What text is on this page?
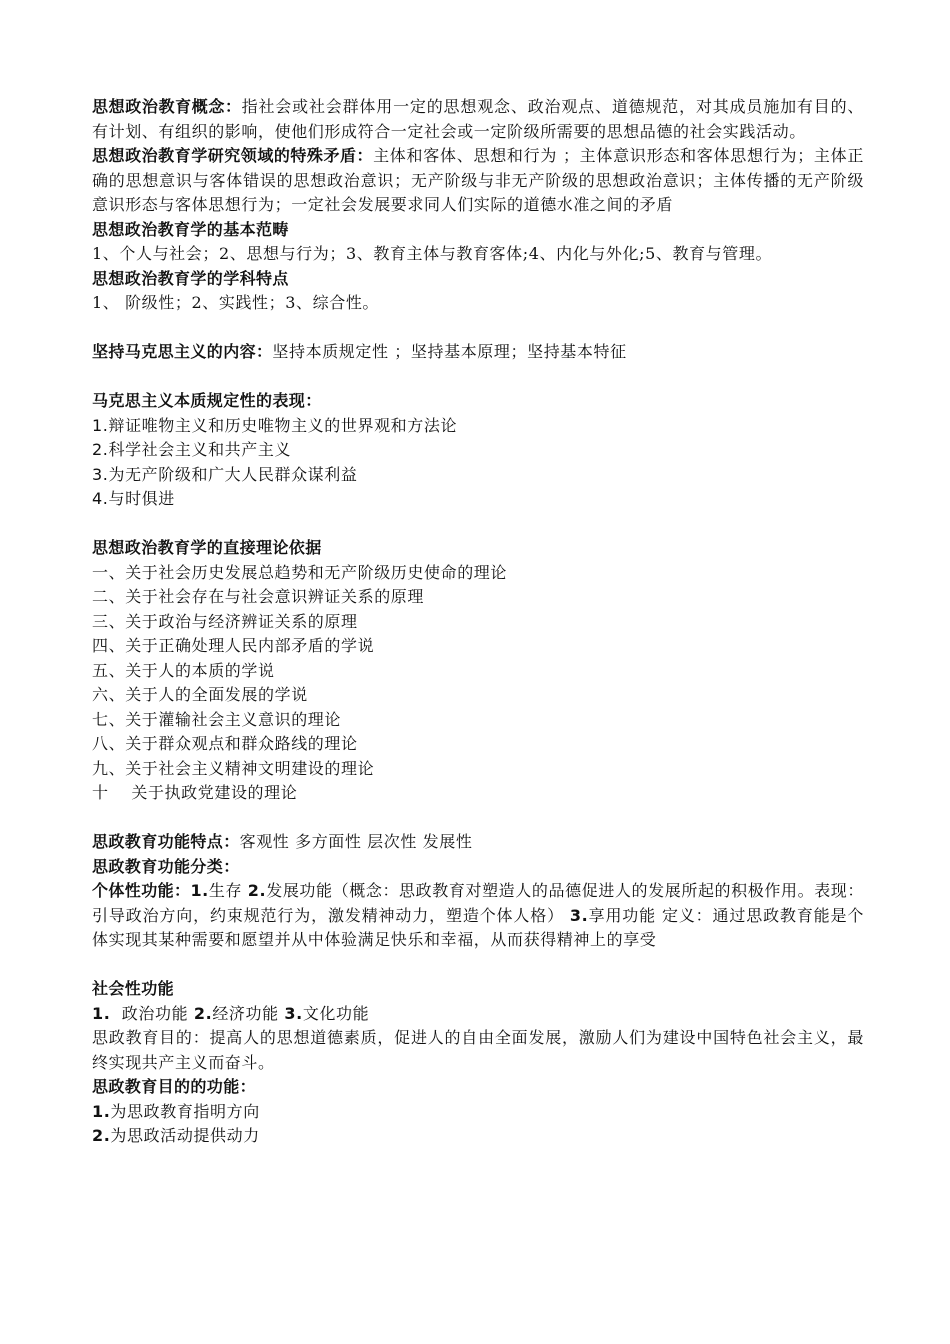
思想政治教育概念：指社会或社会群体用一定的思想观念、政治观点、道德规范，对其成员施加有目的、有计划、有组织的影响，使他们形成符合一定社会或一定阶级所需要的思想品德的社会实践活动。

思想政治教育学研究领域的特殊矛盾：主体和客体、思想和行为 ；主体意识形态和客体思想行为；主体正确的思想意识与客体错误的思想政治意识；无产阶级与非无产阶级的思想政治意识；主体传播的无产阶级意识形态与客体思想行为；一定社会发展要求同人们实际的道德水准之间的矛盾

思想政治教育学的基本范畴

1、个人与社会；2、思想与行为；3、教育主体与教育客体;4、内化与外化;5、教育与管理。

思想政治教育学的学科特点

1、 阶级性；2、实践性；3、综合性。

坚持马克思主义的内容：坚持本质规定性 ；坚持基本原理；坚持基本特征

马克思主义本质规定性的表现：

1.辩证唯物主义和历史唯物主义的世界观和方法论

2.科学社会主义和共产主义

3.为无产阶级和广大人民群众谋利益

4.与时俱进

思想政治教育学的直接理论依据

一、关于社会历史发展总趋势和无产阶级历史使命的理论

二、关于社会存在与社会意识辨证关系的原理

三、关于政治与经济辨证关系的原理

四、关于正确处理人民内部矛盾的学说

五、关于人的本质的学说

六、关于人的全面发展的学说

七、关于灌输社会主义意识的理论

八、关于群众观点和群众路线的理论

九、关于社会主义精神文明建设的理论

十    关于执政党建设的理论

思政教育功能特点：客观性 多方面性 层次性 发展性

思政教育功能分类：

个体性功能：1.生存 2.发展功能（概念：思政教育对塑造人的品德促进人的发展所起的积极作用。表现：引导政治方向，约束规范行为，激发精神动力，塑造个体人格） 3.享用功能 定义：通过思政教育能是个体实现其某种需要和愿望并从中体验满足快乐和幸福，从而获得精神上的享受

社会性功能

1.  政治功能 2.经济功能 3.文化功能

思政教育目的：提高人的思想道德素质，促进人的自由全面发展，激励人们为建设中国特色社会主义，最终实现共产主义而奋斗。

思政教育目的的功能：

1.为思政教育指明方向

2.为思政活动提供动力
